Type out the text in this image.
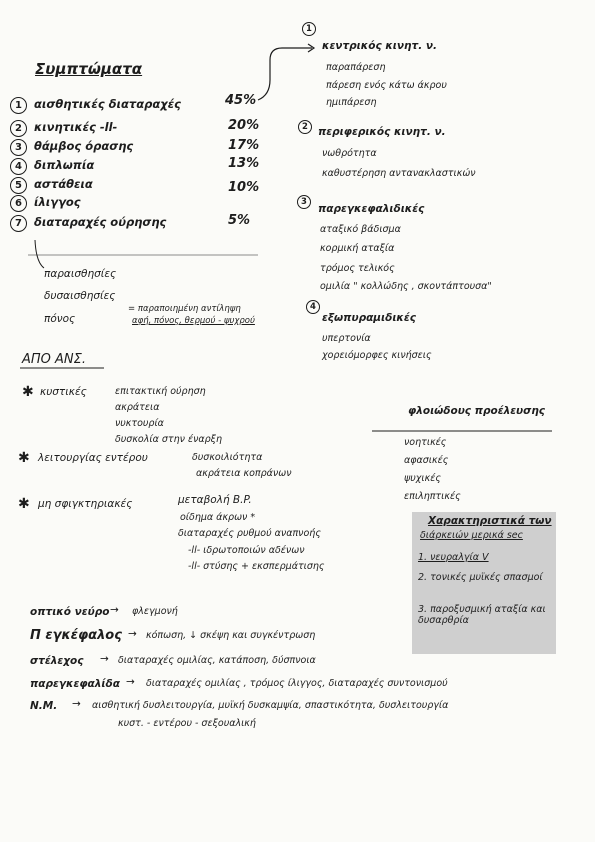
Συμπτώματα
1	αισθητικές διαταραχές	45%
2	κινητικές -ll-	20%
3	θάμβος όρασης	17%
4	διπλωπία	13%
5	αστάθεια	10%
6	ίλιγγος
7	διαταραχές ούρησης	5%
παραισθησίες
δυσαισθησίες
πόνος
= παραποιημένη αντίληψη
αφή, πόνος, θερμού - ψυχρού
1
κεντρικός κινητ. ν.
παραπάρεση
πάρεση ενός κάτω άκρου
ημιπάρεση
2 περιφερικός κινητ. ν.
νωθρότητα
καθυστέρηση αντανακλαστικών
3
παρεγκεφαλιδικές
αταξικό βάδισμα
κορμική αταξία
τρόμος τελικός
ομιλία " κολλώδης , σκοντάπτουσα"
4
εξωπυραμιδικές
υπερτονία
χορειόμορφες κινήσεις
ΑΠΟ ΑΝΣ.
✱ κυστικές	επιτακτική ούρηση
ακράτεια
νυκτουρία
δυσκολία στην έναρξη
✱ λειτουργίας εντέρου	δυσκοιλιότητα
ακράτεια κοπράνων
✱ μη σφιγκτηριακές	μεταβολή B.P.
οίδημα άκρων *
διαταραχές ρυθμού αναπνοής
-ll- ιδρωτοποιών αδένων
-ll- στύσης + εκσπερμάτισης
φλοιώδους προέλευσης
νοητικές
αφασικές
ψυχικές
επιληπτικές
Χαρακτηριστικά των
διάρκειών μερικά sec
1. νευραλγία V
2. τονικές μυϊκές σπασμοί
3. παροξυσμική αταξία και δυσαρθρία
οπτικό νεύρο → φλεγμονή
Π εγκέφαλος → κόπωση, ↓ σκέψη και συγκέντρωση
στέλεχος → διαταραχές ομιλίας, κατάποση, δύσπνοια
παρεγκεφαλίδα → διαταραχές ομιλίας , τρόμος ίλιγγος, διαταραχές συντονισμού
Ν.Μ. → αισθητική δυσλειτουργία, μυϊκή δυσκαμψία, σπαστικότητα, δυσλειτουργία
κυστ. - εντέρου - σεξουαλική
